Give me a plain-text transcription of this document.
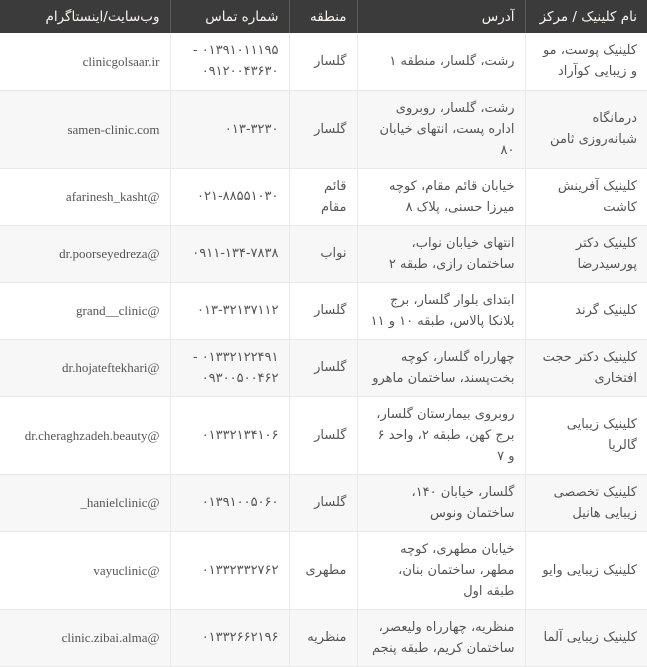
نام کلینیک / مرکز	آدرس	منطقه	شماره تماس	وب‌سایت/اینستاگرام
کلینیک پوست، مو و زیبایی کوآراد	رشت، گلسار، منطقه ۱	گلسار	۰۱۳۹۱۰۱۱۱۹۵ - ۰۹۱۲۰۰۴۳۶۳۰	clinicgolsaar.ir
درمانگاه شبانه‌روزی ثامن	رشت، گلسار، روبروی اداره پست، انتهای خیابان ۸۰	گلسار	۰۱۳-۳۲۳۰	samen-clinic.com
کلینیک آفرینش کاشت	خیابان قائم مقام، کوچه میرزا حسنی، پلاک ۸	قائم مقام	۰۲۱-۸۸۵۵۱۰۳۰	@afarinesh_kasht
کلینیک دکتر پورسیدرضا	انتهای خیابان نواب، ساختمان رازی، طبقه ۲	نواب	۰۹۱۱-۱۳۴-۷۸۳۸	@dr.poorseyedreza
کلینیک گرند	ابتدای بلوار گلسار، برج بلانکا پالاس، طبقه ۱۰ و ۱۱	گلسار	۰۱۳-۳۲۱۳۷۱۱۲	@grand__clinic
کلینیک دکتر حجت افتخاری	چهارراه گلسار، کوچه بخت‌پسند، ساختمان ماهرو	گلسار	۰۱۳۳۲۱۲۲۴۹۱ - ۰۹۳۰۰۵۰۰۴۶۲	@dr.hojateftekhari
کلینیک زیبایی گالریا	روبروی بیمارستان گلسار، برج کهن، طبقه ۲، واحد ۶ و ۷	گلسار	۰۱۳۳۲۱۳۴۱۰۶	@dr.cheraghzadeh.beauty
کلینیک تخصصی زیبایی هانیل	گلسار، خیابان ۱۴۰، ساختمان ونوس	گلسار	۰۱۳۹۱۰۰۵۰۶۰	@hanielclinic_
کلینیک زیبایی وایو	خیابان مطهری، کوچه مطهر، ساختمان بنان، طبقه اول	مطهری	۰۱۳۳۲۳۳۲۷۶۲	@vayuclinic
کلینیک زیبایی آلما	منظریه، چهارراه ولیعصر، ساختمان کریم، طبقه پنجم	منظریه	۰۱۳۳۲۶۶۲۱۹۶	@clinic.zibai.alma
